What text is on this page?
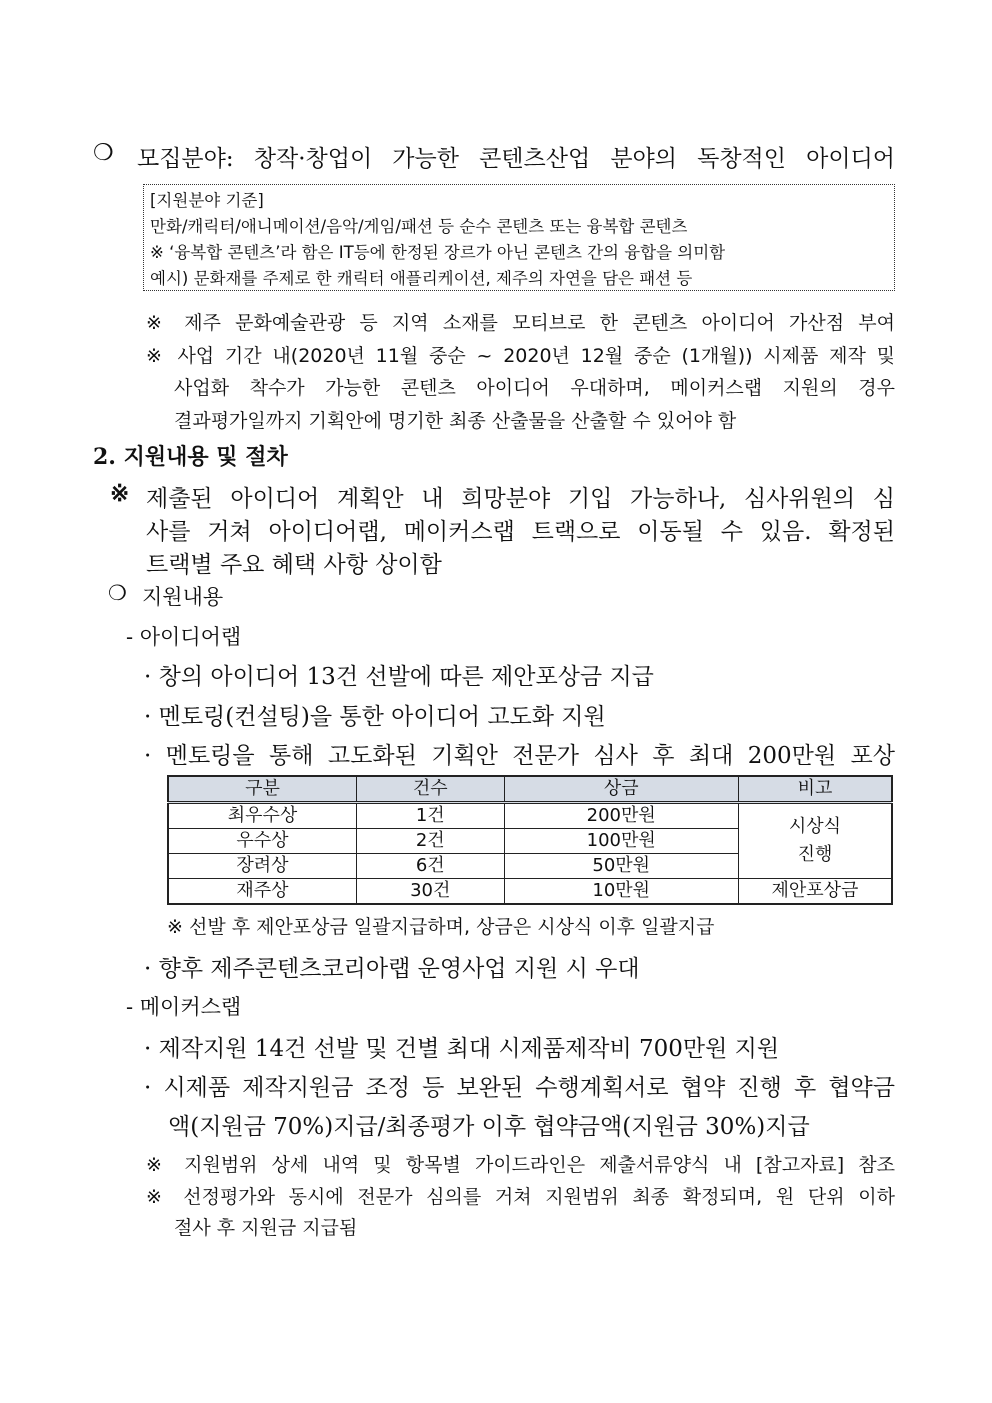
❍ 모집분야: 창작·창업이 가능한 콘텐츠산업 분야의 독창적인 아이디어
[지원분야 기준]
만화/캐릭터/애니메이션/음악/게임/패션 등 순수 콘텐츠 또는 융복합 콘텐츠
※ ‘융복합 콘텐츠’라 함은 IT등에 한정된 장르가 아닌 콘텐츠 간의 융합을 의미함
예시) 문화재를 주제로 한 캐릭터 애플리케이션, 제주의 자연을 담은 패션 등
※ 제주 문화예술관광 등 지역 소재를 모티브로 한 콘텐츠 아이디어 가산점 부여
※ 사업 기간 내(2020년 11월 중순 ~ 2020년 12월 중순 (1개월)) 시제품 제작 및
사업화 착수가 가능한 콘텐츠 아이디어 우대하며, 메이커스랩 지원의 경우
결과평가일까지 기획안에 명기한 최종 산출물을 산출할 수 있어야 함
2. 지원내용 및 절차
※ 제출된 아이디어 계획안 내 희망분야 기입 가능하나, 심사위원의 심
사를 거쳐 아이디어랩, 메이커스랩 트랙으로 이동될 수 있음. 확정된
트랙별 주요 혜택 사항 상이함
❍ 지원내용
- 아이디어랩
· 창의 아이디어 13건 선발에 따른 제안포상금 지급
· 멘토링(컨설팅)을 통한 아이디어 고도화 지원
· 멘토링을 통해 고도화된 기획안 전문가 심사 후 최대 200만원 포상
구분	건수	상금	비고
최우수상	1건	200만원	시상식
진행

우수상	2건	100만원	
장려상	6건	50만원	
재주상	30건	10만원	제안포상금
※ 선발 후 제안포상금 일괄지급하며, 상금은 시상식 이후 일괄지급
· 향후 제주콘텐츠코리아랩 운영사업 지원 시 우대
- 메이커스랩
· 제작지원 14건 선발 및 건별 최대 시제품제작비 700만원 지원
· 시제품 제작지원금 조정 등 보완된 수행계획서로 협약 진행 후 협약금
액(지원금 70%)지급/최종평가 이후 협약금액(지원금 30%)지급
※ 지원범위 상세 내역 및 항목별 가이드라인은 제출서류양식 내 [참고자료] 참조
※ 선정평가와 동시에 전문가 심의를 거쳐 지원범위 최종 확정되며, 원 단위 이하
절사 후 지원금 지급됨
